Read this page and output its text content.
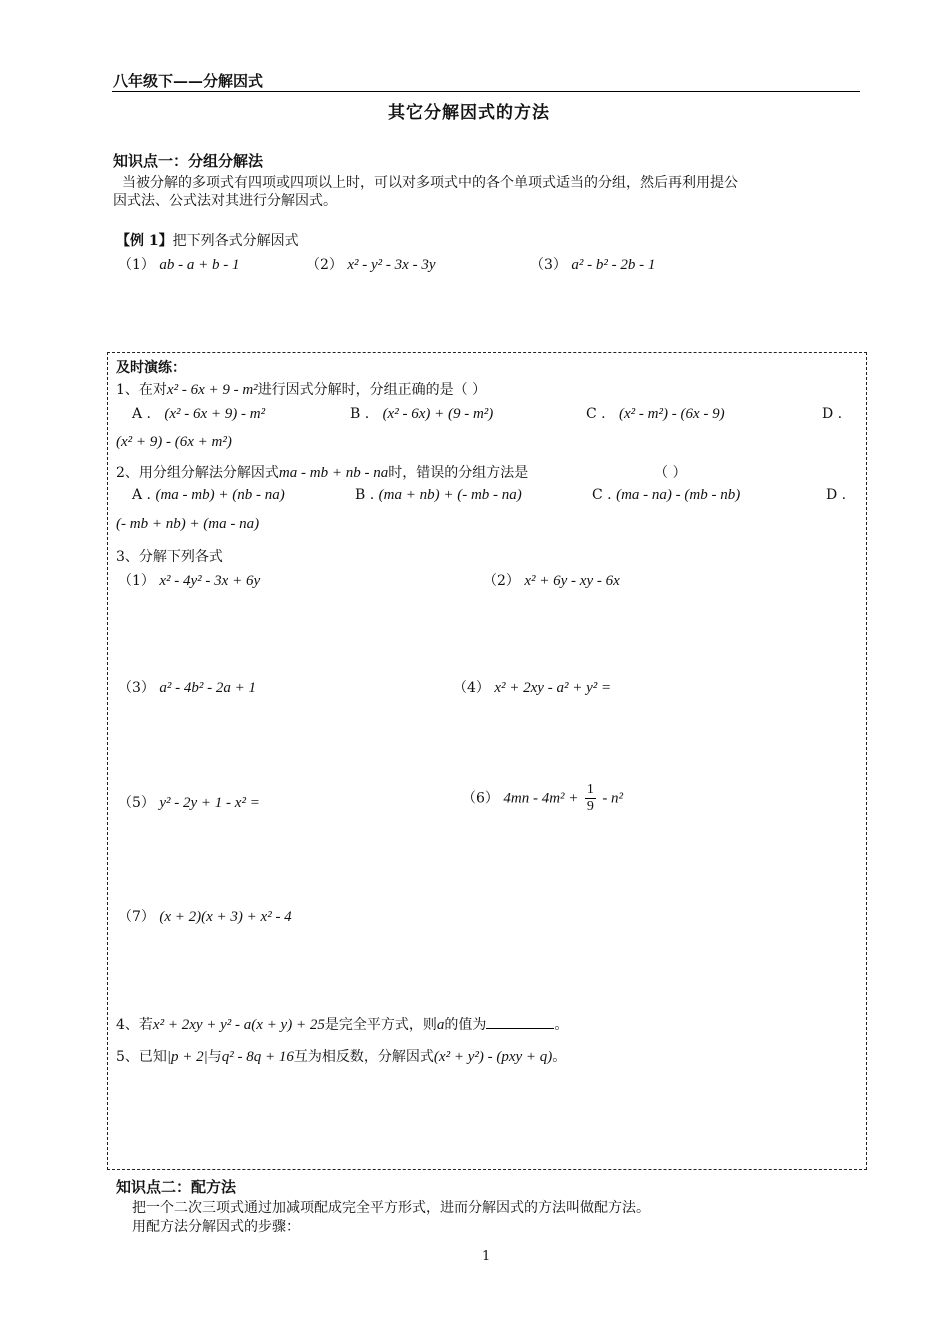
八年级下——分解因式
其它分解因式的方法
知识点一：分组分解法
当被分解的多项式有四项或四项以上时，可以对多项式中的各个单项式适当的分组，然后再利用提公
因式法、公式法对其进行分解因式。
【例 1】把下列各式分解因式
（1） ab - a + b - 1	（2） x² - y² - 3x - 3y	（3） a² - b² - 2b - 1
及时演练：
1、在对x² - 6x + 9 - m²进行因式分解时，分组正确的是（ ）
A . (x² - 6x + 9) - m²	B . (x² - 6x) + (9 - m²)	C . (x² - m²) - (6x - 9)	D .
(x² + 9) - (6x + m²)
2、用分组分解法分解因式ma - mb + nb - na时，错误的分组方法是	（ ）
A . (ma - mb) + (nb - na)	B . (ma + nb) + (- mb - na)	C . (ma - na) - (mb - nb)	D .
(- mb + nb) + (ma - na)
3、分解下列各式
（1） x² - 4y² - 3x + 6y	（2） x² + 6y - xy - 6x
（3） a² - 4b² - 2a + 1	（4） x² + 2xy - a² + y² =
（5） y² - 2y + 1 - x² =	（6） $4mn - 4m^2 + \frac{1}{9} - n^2$
（7） (x + 2)(x + 3) + x² - 4
4、若x² + 2xy + y² - a(x + y) + 25是完全平方式，则a的值为	。
5、已知|p + 2|与q² - 8q + 16互为相反数，分解因式(x² + y²) - (pxy + q)。
知识点二：配方法
把一个二次三项式通过加减项配成完全平方形式，进而分解因式的方法叫做配方法。
用配方法分解因式的步骤：
1
